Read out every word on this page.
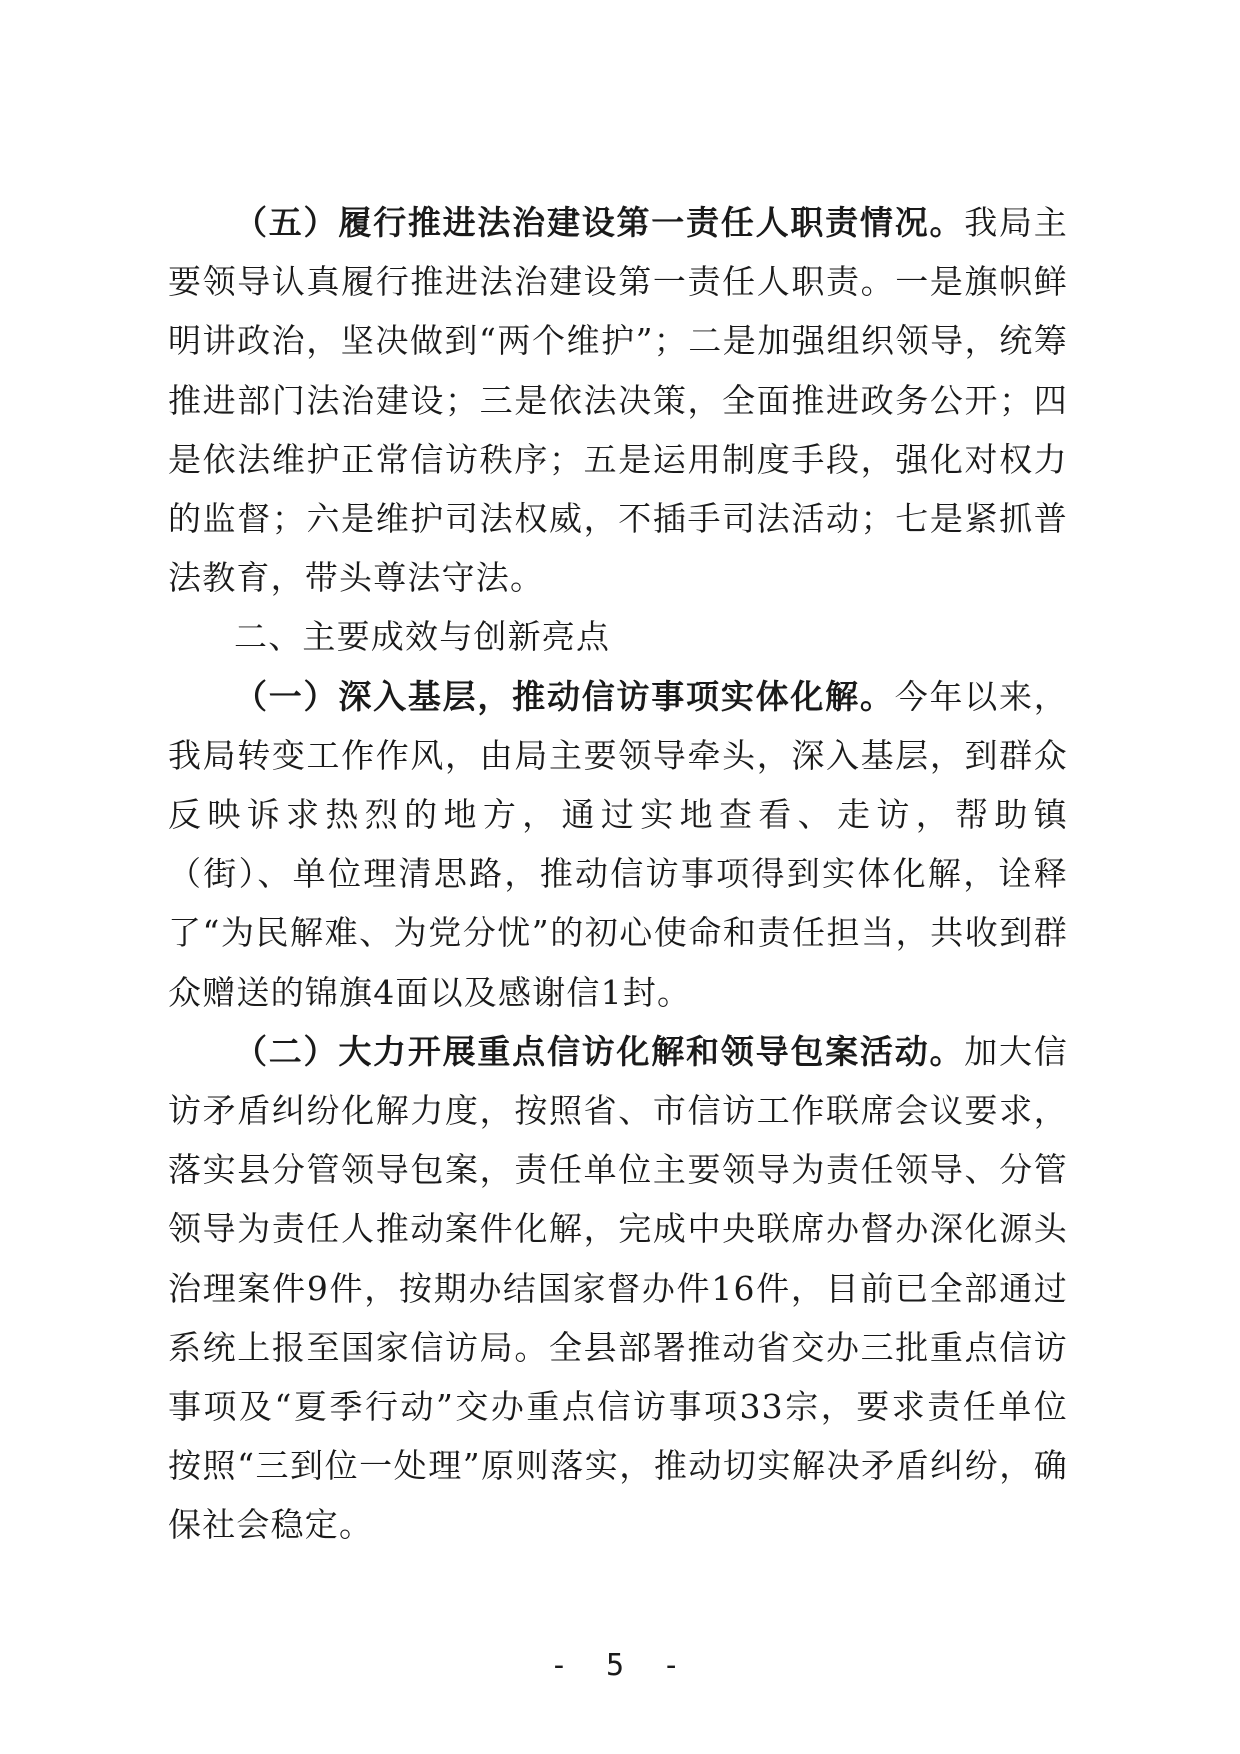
（五）履行推进法治建设第一责任人职责情况。我局主要领导认真履行推进法治建设第一责任人职责。一是旗帜鲜明讲政治，坚决做到“两个维护”；二是加强组织领导，统筹推进部门法治建设；三是依法决策，全面推进政务公开；四是依法维护正常信访秩序；五是运用制度手段，强化对权力的监督；六是维护司法权威，不插手司法活动；七是紧抓普法教育，带头尊法守法。

二、主要成效与创新亮点

（一）深入基层，推动信访事项实体化解。今年以来，我局转变工作作风，由局主要领导牵头，深入基层，到群众反映诉求热烈的地方，通过实地查看、走访，帮助镇（街）、单位理清思路，推动信访事项得到实体化解，诠释了“为民解难、为党分忧”的初心使命和责任担当，共收到群众赠送的锦旗4面以及感谢信1封。

（二）大力开展重点信访化解和领导包案活动。加大信访矛盾纠纷化解力度，按照省、市信访工作联席会议要求，落实县分管领导包案，责任单位主要领导为责任领导、分管领导为责任人推动案件化解，完成中央联席办督办深化源头治理案件9件，按期办结国家督办件16件，目前已全部通过系统上报至国家信访局。全县部署推动省交办三批重点信访事项及“夏季行动”交办重点信访事项33宗，要求责任单位按照“三到位一处理”原则落实，推动切实解决矛盾纠纷，确保社会稳定。

- 5 -
